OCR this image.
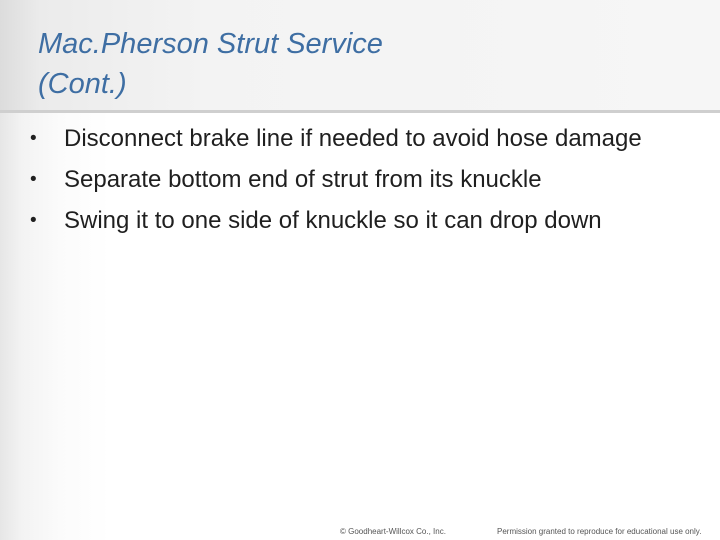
Mac.Pherson Strut Service
(Cont.)
•	Disconnect brake line if needed to avoid hose damage
•	Separate bottom end of strut from its knuckle
•	Swing it to one side of knuckle so it can drop down
© Goodheart-Willcox Co., Inc.	Permission granted to reproduce for educational use only.
